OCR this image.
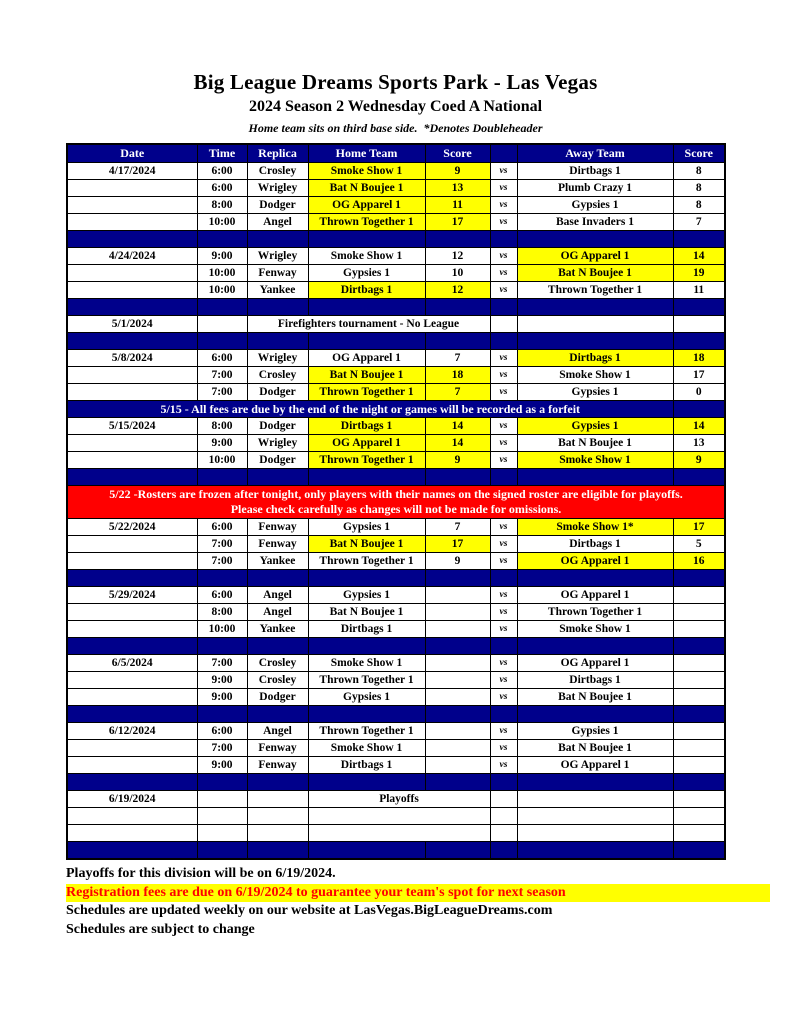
Big League Dreams Sports Park - Las Vegas
2024 Season 2 Wednesday Coed A National
Home team sits on third base side.  *Denotes Doubleheader
Date	Time	Replica	Home Team	Score		Away Team	Score
4/17/2024	6:00	Crosley	Smoke Show 1	9	vs	Dirtbags 1	8
	6:00	Wrigley	Bat N Boujee 1	13	vs	Plumb Crazy 1	8
	8:00	Dodger	OG Apparel 1	11	vs	Gypsies 1	8
	10:00	Angel	Thrown Together 1	17	vs	Base Invaders 1	7

4/24/2024	9:00	Wrigley	Smoke Show 1	12	vs	OG Apparel 1	14
	10:00	Fenway	Gypsies 1	10	vs	Bat N Boujee 1	19
	10:00	Yankee	Dirtbags 1	12	vs	Thrown Together 1	11

5/1/2024		Firefighters tournament - No League					

5/8/2024	6:00	Wrigley	OG Apparel 1	7	vs	Dirtbags 1	18
	7:00	Crosley	Bat N Boujee 1	18	vs	Smoke Show 1	17
	7:00	Dodger	Thrown Together 1	7	vs	Gypsies 1	0
5/15 - All fees are due by the end of the night or games will be recorded as a forfeit							
5/15/2024	8:00	Dodger	Dirtbags 1	14	vs	Gypsies 1	14
	9:00	Wrigley	OG Apparel 1	14	vs	Bat N Boujee 1	13
	10:00	Dodger	Thrown Together 1	9	vs	Smoke Show 1	9

5/22 -Rosters are frozen after tonight, only players with their names on the signed roster are eligible for playoffs.
Please check carefully as changes will not be made for omissions.							

5/22/2024	6:00	Fenway	Gypsies 1	7	vs	Smoke Show 1*	17
	7:00	Fenway	Bat N Boujee 1	17	vs	Dirtbags 1	5
	7:00	Yankee	Thrown Together 1	9	vs	OG Apparel 1	16

5/29/2024	6:00	Angel	Gypsies 1		vs	OG Apparel 1	
	8:00	Angel	Bat N Boujee 1		vs	Thrown Together 1	
	10:00	Yankee	Dirtbags 1		vs	Smoke Show 1	

6/5/2024	7:00	Crosley	Smoke Show 1		vs	OG Apparel 1	
	9:00	Crosley	Thrown Together 1		vs	Dirtbags 1	
	9:00	Dodger	Gypsies 1		vs	Bat N Boujee 1	

6/12/2024	6:00	Angel	Thrown Together 1		vs	Gypsies 1	
	7:00	Fenway	Smoke Show 1		vs	Bat N Boujee 1	
	9:00	Fenway	Dirtbags 1		vs	OG Apparel 1	

6/19/2024			Playoffs				

Playoffs for this division will be on 6/19/2024.
Registration fees are due on 6/19/2024 to guarantee your team's spot for next season
Schedules are updated weekly on our website at LasVegas.BigLeagueDreams.com
Schedules are subject to change
